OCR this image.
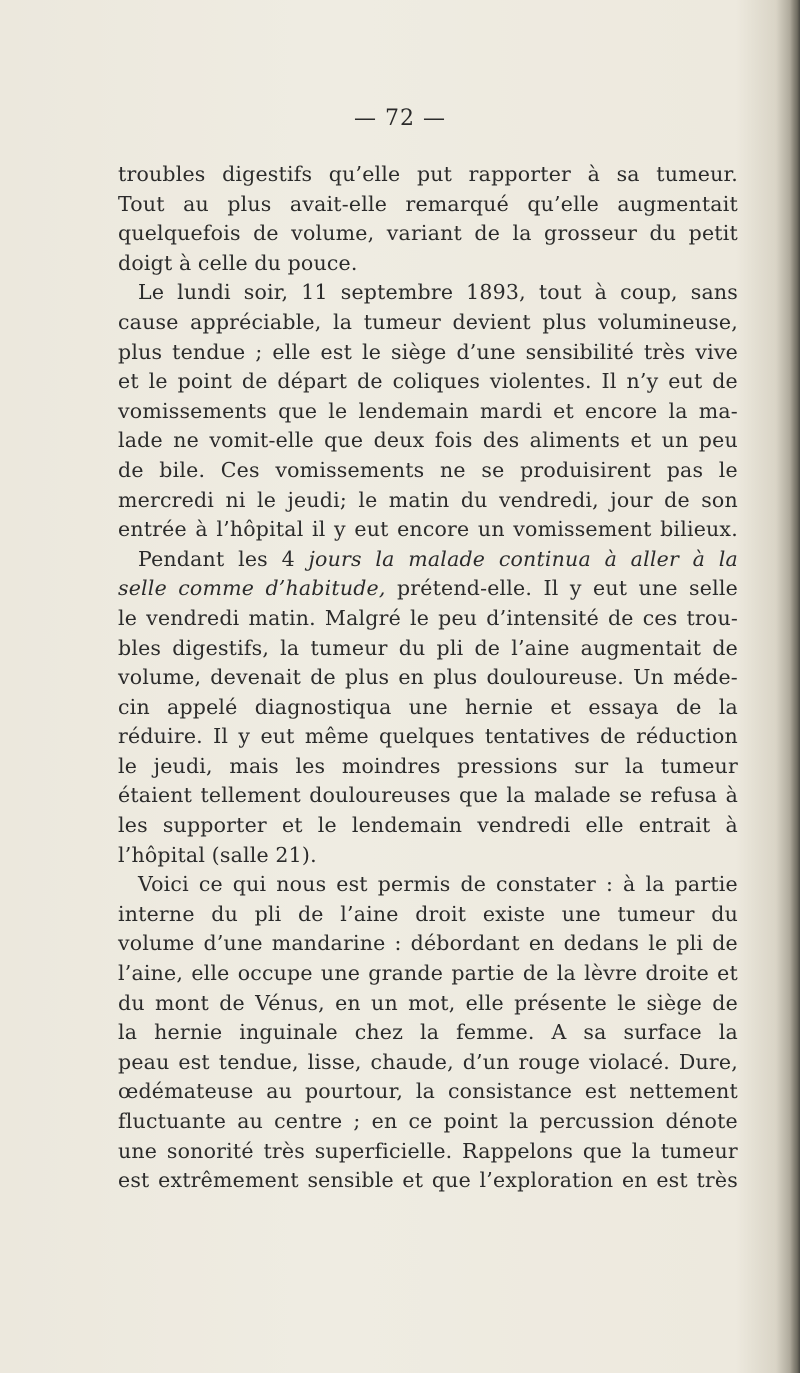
— 72 —
troubles digestifs qu’elle put rapporter à sa tumeur.
Tout au plus avait-elle remarqué qu’elle augmentait
quelquefois de volume, variant de la grosseur du petit
doigt à celle du pouce.
Le lundi soir, 11 septembre 1893, tout à coup, sans
cause appréciable, la tumeur devient plus volumineuse,
plus tendue ; elle est le siège d’une sensibilité très vive
et le point de départ de coliques violentes. Il n’y eut de
vomissements que le lendemain mardi et encore la ma-
lade ne vomit-elle que deux fois des aliments et un peu
de bile. Ces vomissements ne se produisirent pas le
mercredi ni le jeudi; le matin du vendredi, jour de son
entrée à l’hôpital il y eut encore un vomissement bilieux.
Pendant les 4 jours la malade continua à aller à la
selle comme d’habitude, prétend-elle. Il y eut une selle
le vendredi matin. Malgré le peu d’intensité de ces trou-
bles digestifs, la tumeur du pli de l’aine augmentait de
volume, devenait de plus en plus douloureuse. Un méde-
cin appelé diagnostiqua une hernie et essaya de la
réduire. Il y eut même quelques tentatives de réduction
le jeudi, mais les moindres pressions sur la tumeur
étaient tellement douloureuses que la malade se refusa à
les supporter et le lendemain vendredi elle entrait à
l’hôpital (salle 21).
Voici ce qui nous est permis de constater : à la partie
interne du pli de l’aine droit existe une tumeur du
volume d’une mandarine : débordant en dedans le pli de
l’aine, elle occupe une grande partie de la lèvre droite et
du mont de Vénus, en un mot, elle présente le siège de
la hernie inguinale chez la femme. A sa surface la
peau est tendue, lisse, chaude, d’un rouge violacé. Dure,
œdémateuse au pourtour, la consistance est nettement
fluctuante au centre ; en ce point la percussion dénote
une sonorité très superficielle. Rappelons que la tumeur
est extrêmement sensible et que l’exploration en est très
